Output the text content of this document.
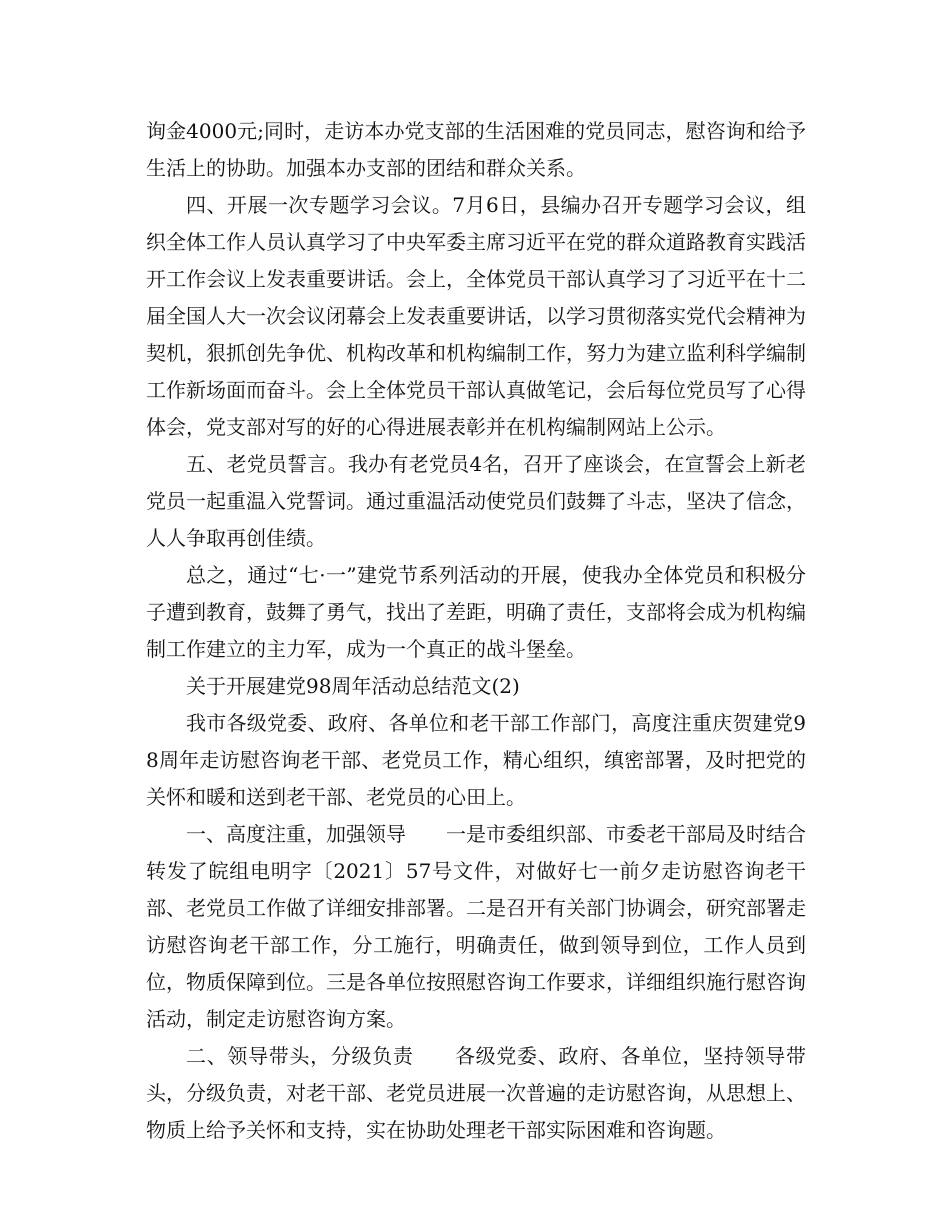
询金4000元;同时，走访本办党支部的生活困难的党员同志，慰咨询和给予生活上的协助。加强本办支部的团结和群众关系。

四、开展一次专题学习会议。7月6日，县编办召开专题学习会议，组织全体工作人员认真学习了中央军委主席习近平在党的群众道路教育实践活开工作会议上发表重要讲话。会上，全体党员干部认真学习了习近平在十二届全国人大一次会议闭幕会上发表重要讲话，以学习贯彻落实党代会精神为契机，狠抓创先争优、机构改革和机构编制工作，努力为建立监利科学编制工作新场面而奋斗。会上全体党员干部认真做笔记，会后每位党员写了心得体会，党支部对写的好的心得进展表彰并在机构编制网站上公示。

五、老党员誓言。我办有老党员4名，召开了座谈会，在宣誓会上新老党员一起重温入党誓词。通过重温活动使党员们鼓舞了斗志，坚决了信念，人人争取再创佳绩。

总之，通过“七·一”建党节系列活动的开展，使我办全体党员和积极分子遭到教育，鼓舞了勇气，找出了差距，明确了责任，支部将会成为机构编制工作建立的主力军，成为一个真正的战斗堡垒。

关于开展建党98周年活动总结范文(2)

我市各级党委、政府、各单位和老干部工作部门，高度注重庆贺建党98周年走访慰咨询老干部、老党员工作，精心组织，缜密部署，及时把党的关怀和暖和送到老干部、老党员的心田上。

一、高度注重，加强领导　　一是市委组织部、市委老干部局及时结合转发了皖组电明字〔2021〕57号文件，对做好七一前夕走访慰咨询老干部、老党员工作做了详细安排部署。二是召开有关部门协调会，研究部署走访慰咨询老干部工作，分工施行，明确责任，做到领导到位，工作人员到位，物质保障到位。三是各单位按照慰咨询工作要求，详细组织施行慰咨询活动，制定走访慰咨询方案。

二、领导带头，分级负责　　各级党委、政府、各单位，坚持领导带头，分级负责，对老干部、老党员进展一次普遍的走访慰咨询，从思想上、物质上给予关怀和支持，实在协助处理老干部实际困难和咨询题。
